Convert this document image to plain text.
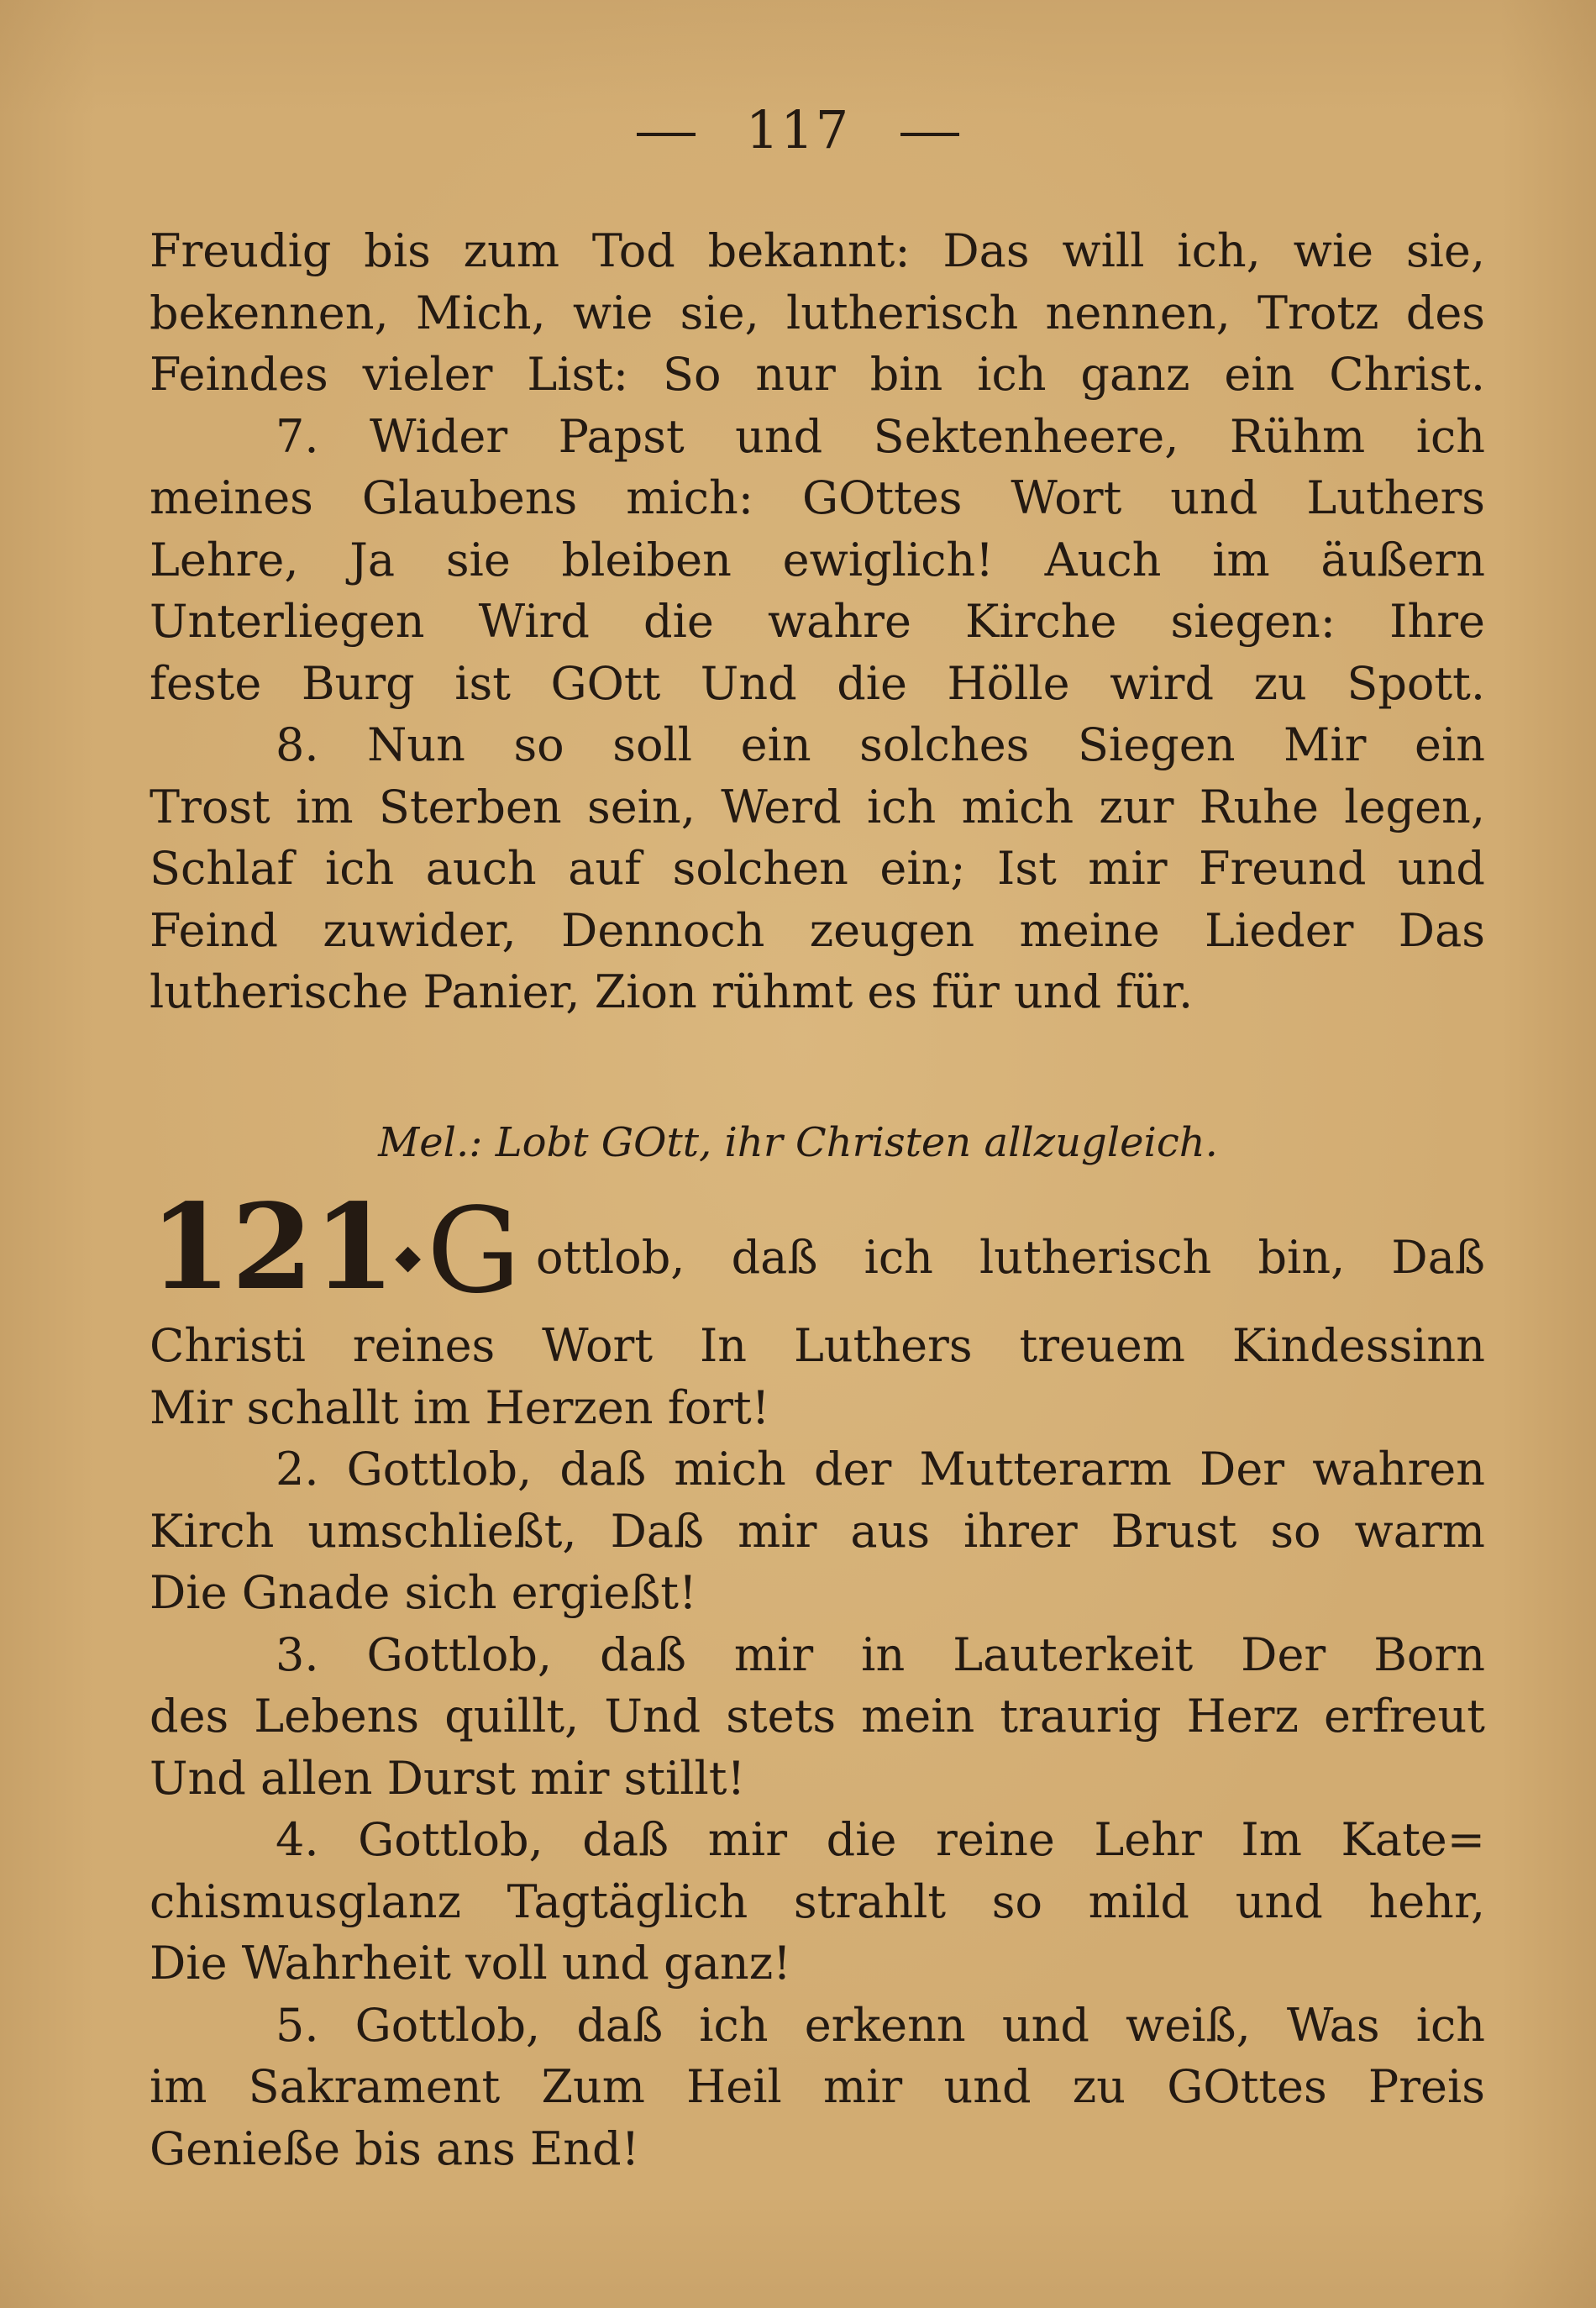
117
Freudig bis zum Tod bekannt: Das will ich, wie sie,
bekennen, Mich, wie sie, lutherisch nennen, Trotz des
Feindes vieler List: So nur bin ich ganz ein Christ.
7. Wider Papst und Sektenheere, Rühm ich
meines Glaubens mich: GOttes Wort und Luthers
Lehre, Ja sie bleiben ewiglich! Auch im äußern
Unterliegen Wird die wahre Kirche siegen: Ihre
feste Burg ist GOtt Und die Hölle wird zu Spott.
8. Nun so soll ein solches Siegen Mir ein
Trost im Sterben sein, Werd ich mich zur Ruhe legen,
Schlaf ich auch auf solchen ein; Ist mir Freund und
Feind zuwider, Dennoch zeugen meine Lieder Das
lutherische Panier, Zion rühmt es für und für.
Mel.: Lobt GOtt, ihr Christen allzugleich.
121◆ G ottlob, daß ich lutherisch bin, Daß
Christi reines Wort In Luthers treuem Kindessinn
Mir schallt im Herzen fort!
2. Gottlob, daß mich der Mutterarm Der wahren
Kirch umschließt, Daß mir aus ihrer Brust so warm
Die Gnade sich ergießt!
3. Gottlob, daß mir in Lauterkeit Der Born
des Lebens quillt, Und stets mein traurig Herz erfreut
Und allen Durst mir stillt!
4. Gottlob, daß mir die reine Lehr Im Kate=
chismusglanz Tagtäglich strahlt so mild und hehr,
Die Wahrheit voll und ganz!
5. Gottlob, daß ich erkenn und weiß, Was ich
im Sakrament Zum Heil mir und zu GOttes Preis
Genieße bis ans End!
